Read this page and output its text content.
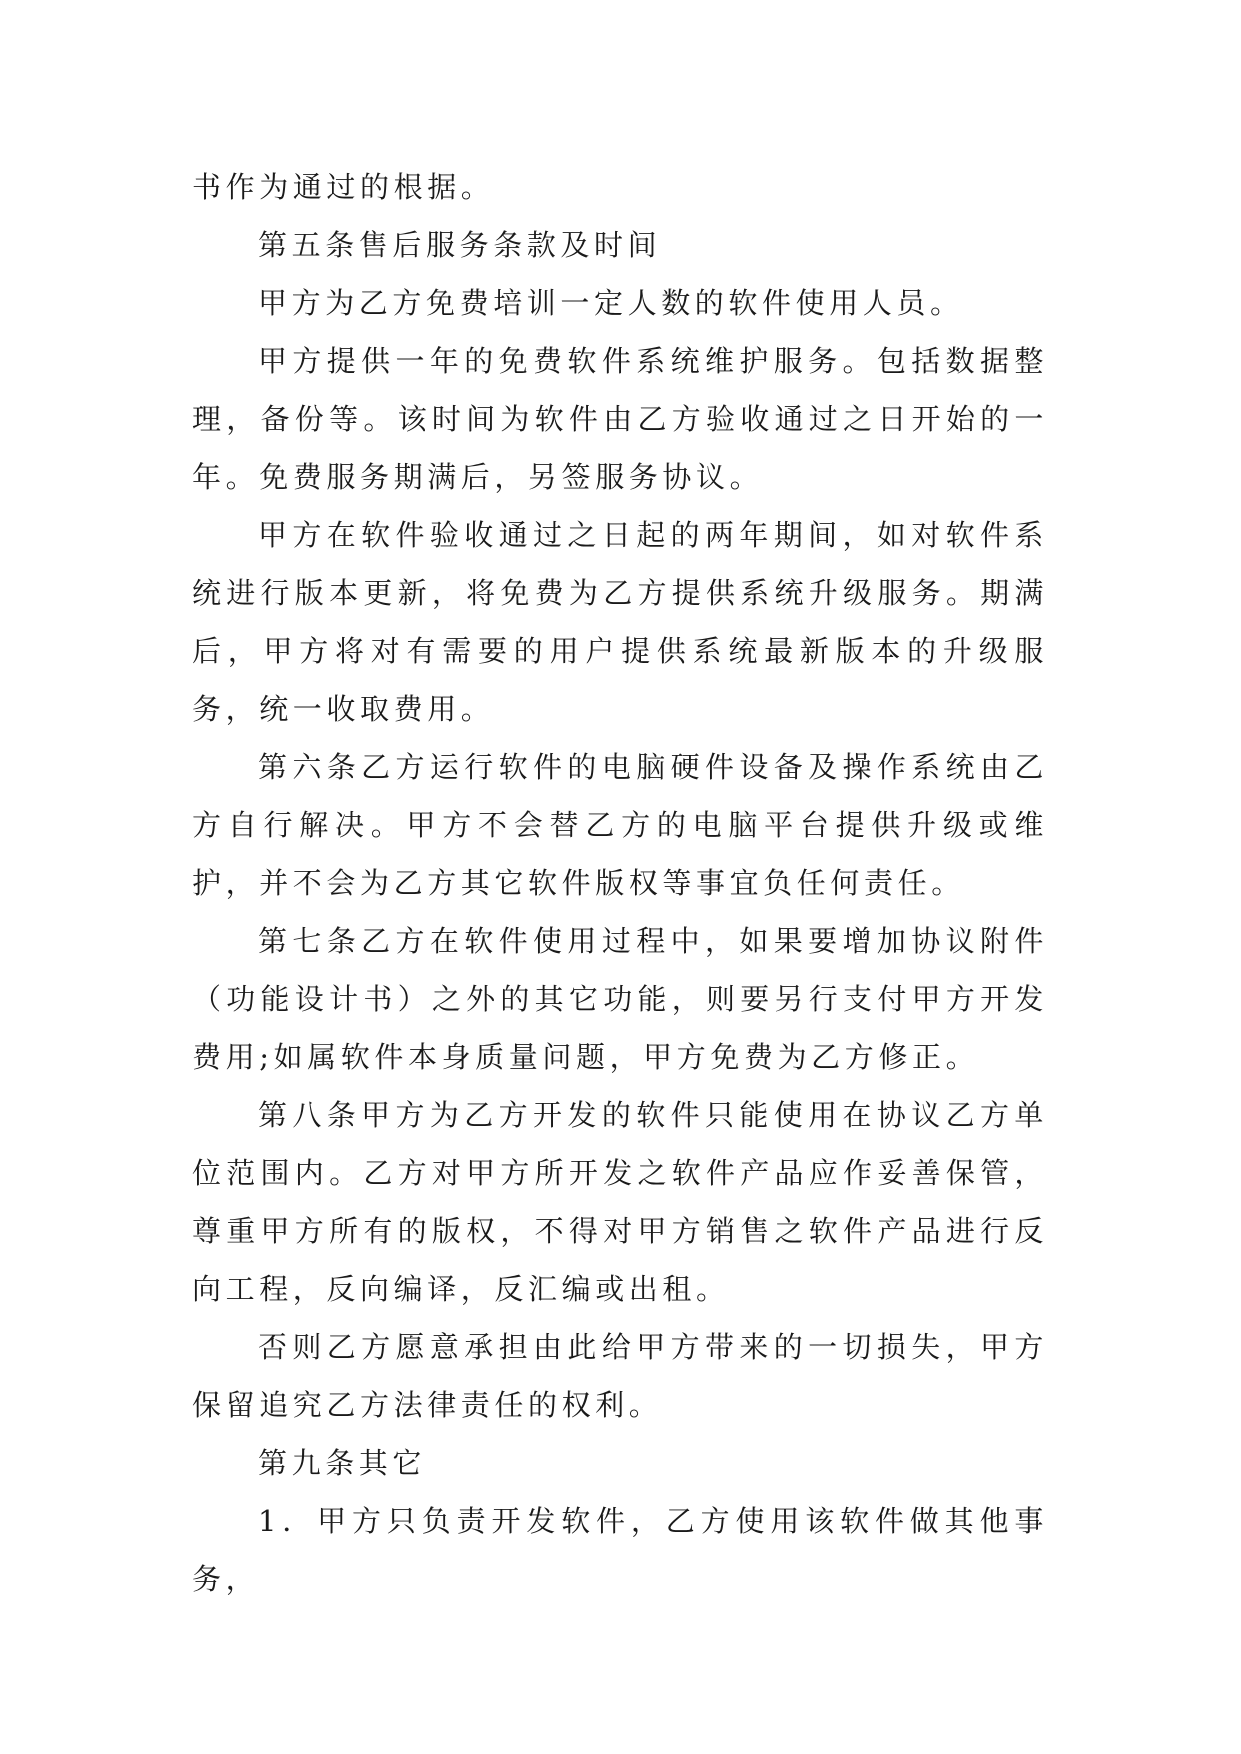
书作为通过的根据。

第五条售后服务条款及时间

甲方为乙方免费培训一定人数的软件使用人员。

甲方提供一年的免费软件系统维护服务。包括数据整理，备份等。该时间为软件由乙方验收通过之日开始的一年。免费服务期满后，另签服务协议。

甲方在软件验收通过之日起的两年期间，如对软件系统进行版本更新，将免费为乙方提供系统升级服务。期满后，甲方将对有需要的用户提供系统最新版本的升级服务，统一收取费用。

第六条乙方运行软件的电脑硬件设备及操作系统由乙方自行解决。甲方不会替乙方的电脑平台提供升级或维护，并不会为乙方其它软件版权等事宜负任何责任。

第七条乙方在软件使用过程中，如果要增加协议附件（功能设计书）之外的其它功能，则要另行支付甲方开发费用;如属软件本身质量问题，甲方免费为乙方修正。

第八条甲方为乙方开发的软件只能使用在协议乙方单位范围内。乙方对甲方所开发之软件产品应作妥善保管，尊重甲方所有的版权，不得对甲方销售之软件产品进行反向工程，反向编译，反汇编或出租。

否则乙方愿意承担由此给甲方带来的一切损失，甲方保留追究乙方法律责任的权利。

第九条其它

1．甲方只负责开发软件，乙方使用该软件做其他事务，
